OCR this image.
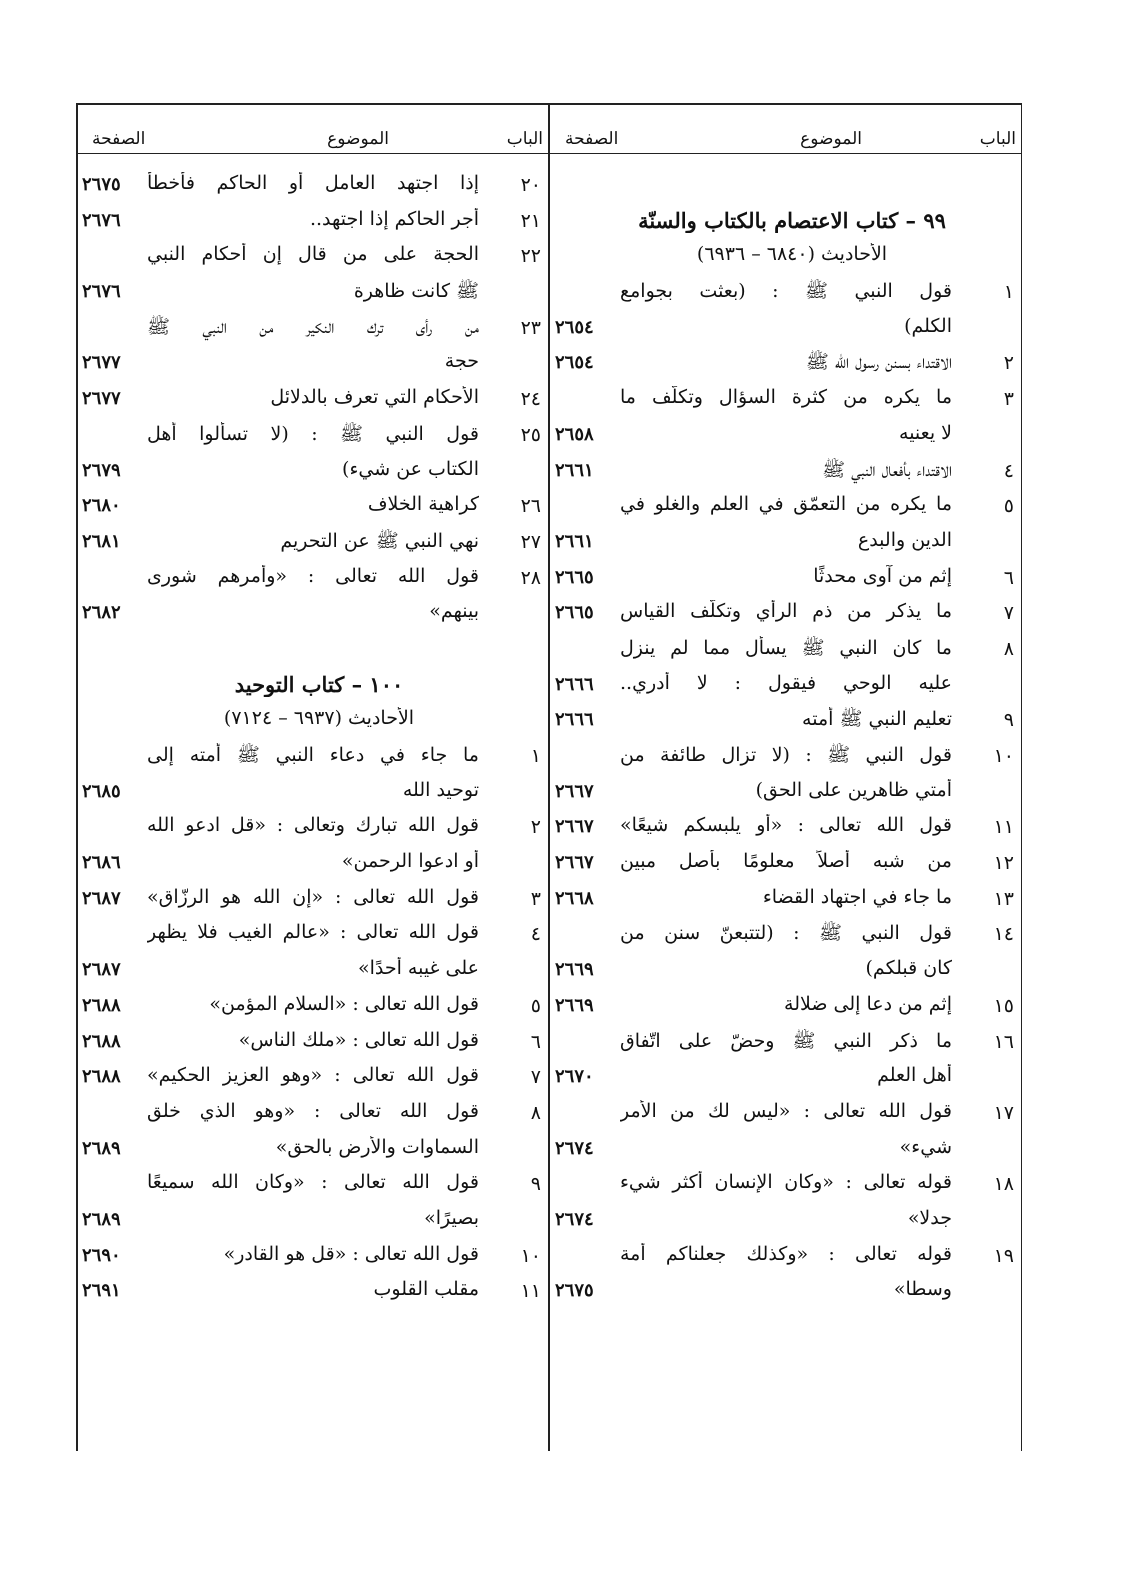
الباب
الموضوع
الصفحة
٩٩ – كتاب الاعتصام بالكتاب والسنّة
الأحاديث (٦٨٤٠ – ٦٩٣٦)
١
قول النبي ﷺ : (بعثت بجوامع
الكلم)
٢٦٥٤
٢
الاقتداء بسنن رسول الله ﷺ
٢٦٥٤
٣
ما يكره من كثرة السؤال وتكلّف ما
لا يعنيه
٢٦٥٨
٤
الاقتداء بأفعال النبي ﷺ
٢٦٦١
٥
ما يكره من التعمّق في العلم والغلو في
الدين والبدع
٢٦٦١
٦
إثم من آوى محدثًا
٢٦٦٥
٧
ما يذكر من ذم الرأي وتكلّف القياس
٢٦٦٥
٨
ما كان النبي ﷺ يسأل مما لم ينزل
عليه الوحي فيقول : لا أدري..
٢٦٦٦
٩
تعليم النبي ﷺ أمته
٢٦٦٦
١٠
قول النبي ﷺ : (لا تزال طائفة من
أمتي ظاهرين على الحق)
٢٦٦٧
١١
قول الله تعالى : «أو يلبسكم شيعًا»
٢٦٦٧
١٢
من شبه أصلاً معلومًا بأصل مبين
٢٦٦٧
١٣
ما جاء في اجتهاد القضاء
٢٦٦٨
١٤
قول النبي ﷺ : (لتتبعنّ سنن من
كان قبلكم)
٢٦٦٩
١٥
إثم من دعا إلى ضلالة
٢٦٦٩
١٦
ما ذكر النبي ﷺ وحضّ على اتّفاق
أهل العلم
٢٦٧٠
١٧
قول الله تعالى : «ليس لك من الأمر
شيء»
٢٦٧٤
١٨
قوله تعالى : «وكان الإنسان أكثر شيء
جدلا»
٢٦٧٤
١٩
قوله تعالى : «وكذلك جعلناكم أمة
وسطا»
٢٦٧٥
الباب
الموضوع
الصفحة
٢٠
إذا اجتهد العامل أو الحاكم فأخطأ
٢٦٧٥
٢١
أجر الحاكم إذا اجتهد..
٢٦٧٦
٢٢
الحجة على من قال إن أحكام النبي
ﷺ كانت ظاهرة
٢٦٧٦
٢٣
من رأى ترك النكير من النبي ﷺ
حجة
٢٦٧٧
٢٤
الأحكام التي تعرف بالدلائل
٢٦٧٧
٢٥
قول النبي ﷺ : (لا تسألوا أهل
الكتاب عن شيء)
٢٦٧٩
٢٦
كراهية الخلاف
٢٦٨٠
٢٧
نهي النبي ﷺ عن التحريم
٢٦٨١
٢٨
قول الله تعالى : «وأمرهم شورى
بينهم»
٢٦٨٢
١٠٠ – كتاب التوحيد
الأحاديث (٦٩٣٧ – ٧١٢٤)
١
ما جاء في دعاء النبي ﷺ أمته إلى
توحيد الله
٢٦٨٥
٢
قول الله تبارك وتعالى : «قل ادعو الله
أو ادعوا الرحمن»
٢٦٨٦
٣
قول الله تعالى : «إن الله هو الرزّاق»
٢٦٨٧
٤
قول الله تعالى : «عالم الغيب فلا يظهر
على غيبه أحدًا»
٢٦٨٧
٥
قول الله تعالى : «السلام المؤمن»
٢٦٨٨
٦
قول الله تعالى : «ملك الناس»
٢٦٨٨
٧
قول الله تعالى : «وهو العزيز الحكيم»
٢٦٨٨
٨
قول الله تعالى : «وهو الذي خلق
السماوات والأرض بالحق»
٢٦٨٩
٩
قول الله تعالى : «وكان الله سميعًا
بصيرًا»
٢٦٨٩
١٠
قول الله تعالى : «قل هو القادر»
٢٦٩٠
١١
مقلب القلوب
٢٦٩١
